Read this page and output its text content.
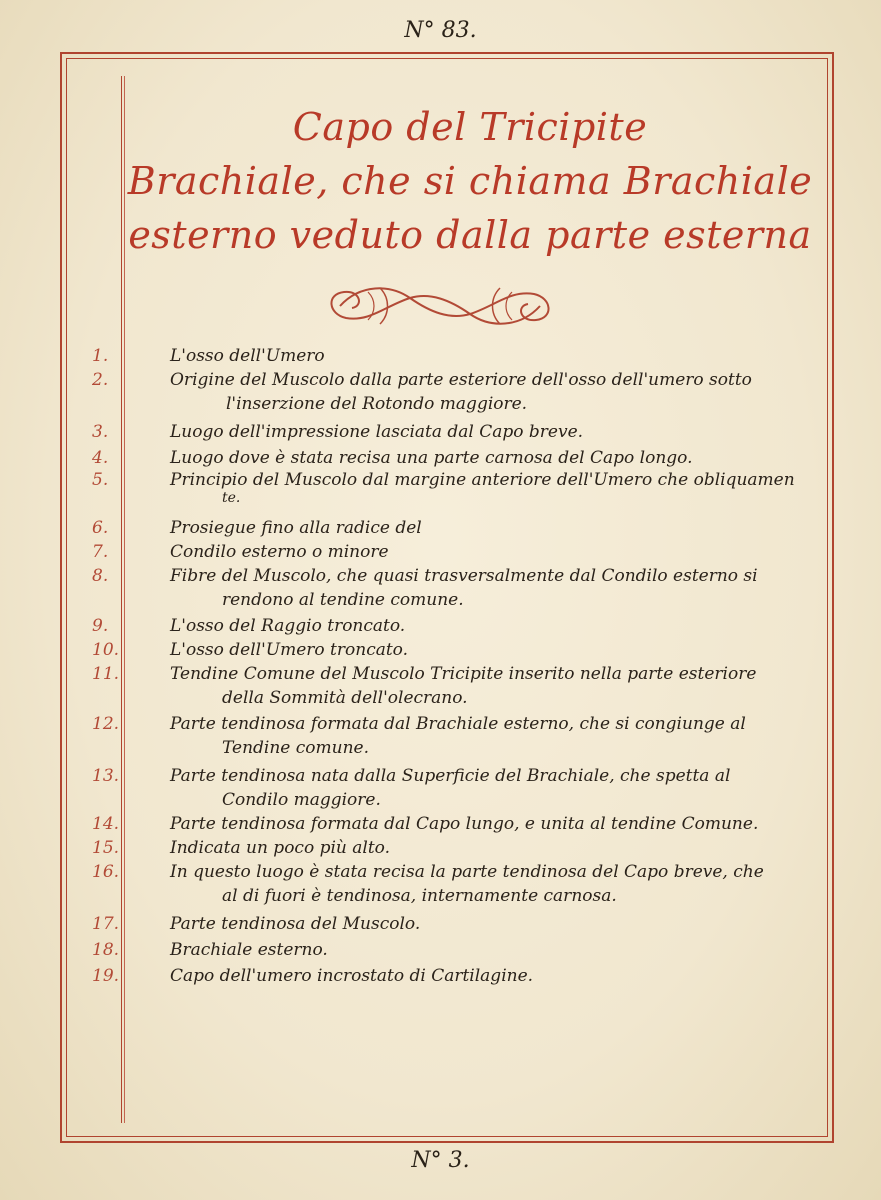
N° 83.
Capo del Tricipite
Brachiale, che si chiama Brachiale
esterno veduto dalla parte esterna
1.	L'osso dell'Umero
2.	Origine del Muscolo dalla parte esteriore dell'osso dell'umero sotto
l'inserzione del Rotondo maggiore.
3.	Luogo dell'impressione lasciata dal Capo breve.
4.	Luogo dove è stata recisa una parte carnosa del Capo longo.
5.	Principio del Muscolo dal margine anteriore dell'Umero che obliquamen
te.
6.	Prosiegue fino alla radice del
7.	Condilo esterno o minore
8.	Fibre del Muscolo, che quasi trasversalmente dal Condilo esterno si
rendono al tendine comune.
9.	L'osso del Raggio troncato.
10.	L'osso dell'Umero troncato.
11.	Tendine Comune del Muscolo Tricipite inserito nella parte esteriore
della Sommità dell'olecrano.
12.	Parte tendinosa formata dal Brachiale esterno, che si congiunge al
Tendine comune.
13.	Parte tendinosa nata dalla Superficie del Brachiale, che spetta al
Condilo maggiore.
14.	Parte tendinosa formata dal Capo lungo, e unita al tendine Comune.
15.	Indicata un poco più alto.
16.	In questo luogo è stata recisa la parte tendinosa del Capo breve, che
al di fuori è tendinosa, internamente carnosa.
17.	Parte tendinosa del Muscolo.
18.	Brachiale esterno.
19.	Capo dell'umero incrostato di Cartilagine.
N° 3.
